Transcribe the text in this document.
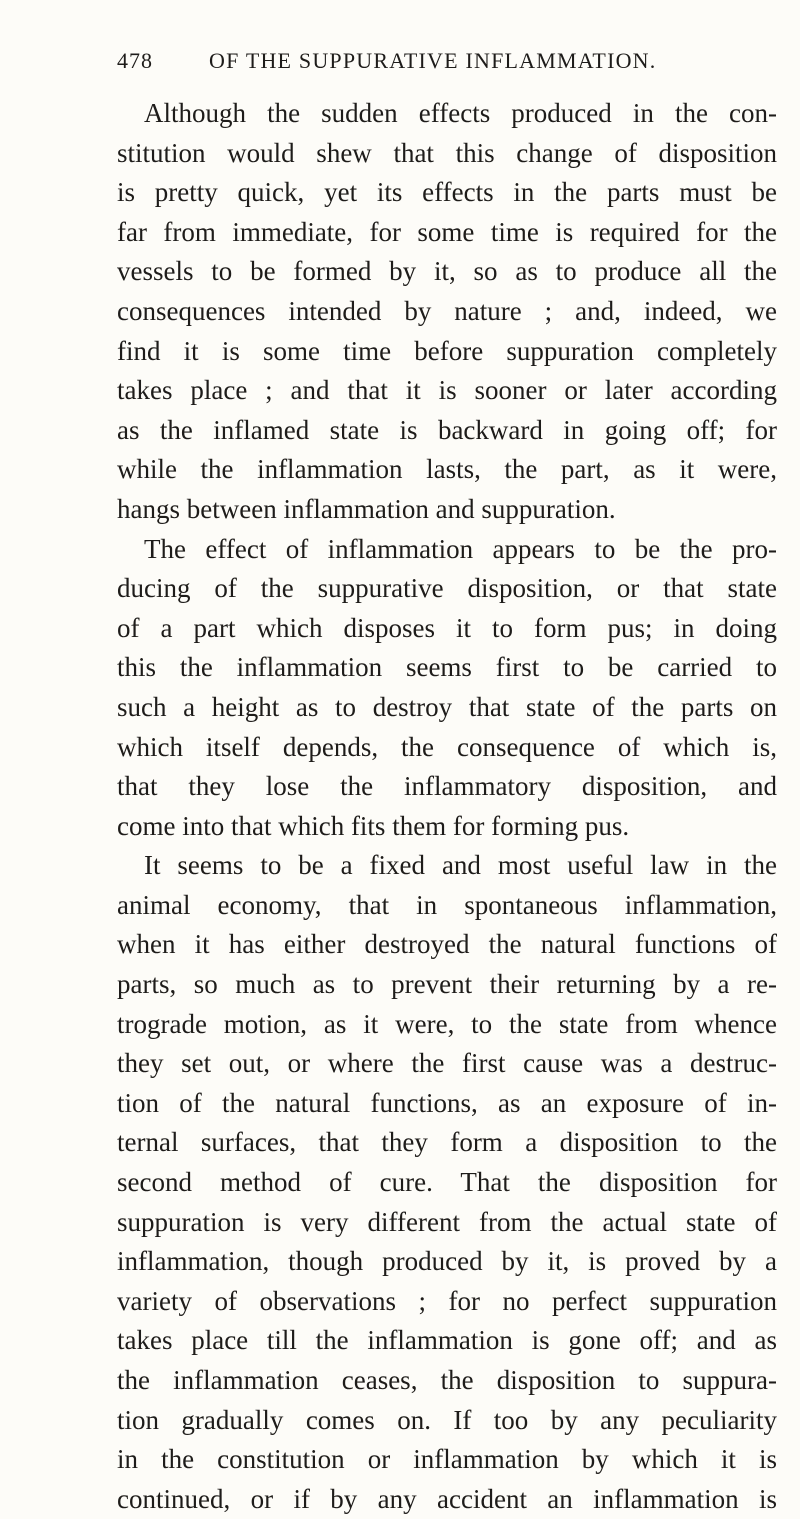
478	OF THE SUPPURATIVE INFLAMMATION.
Although the sudden effects produced in the con-
stitution would shew that this change of disposition
is pretty quick, yet its effects in the parts must be
far from immediate, for some time is required for the
vessels to be formed by it, so as to produce all the
consequences intended by nature ; and, indeed, we
find it is some time before suppuration completely
takes place ; and that it is sooner or later according
as the inflamed state is backward in going off; for
while the inflammation lasts, the part, as it were,
hangs between inflammation and suppuration.
The effect of inflammation appears to be the pro-
ducing of the suppurative disposition, or that state
of a part which disposes it to form pus; in doing
this the inflammation seems first to be carried to
such a height as to destroy that state of the parts on
which itself depends, the consequence of which is,
that they lose the inflammatory disposition, and
come into that which fits them for forming pus.
It seems to be a fixed and most useful law in the
animal economy, that in spontaneous inflammation,
when it has either destroyed the natural functions of
parts, so much as to prevent their returning by a re-
trograde motion, as it were, to the state from whence
they set out, or where the first cause was a destruc-
tion of the natural functions, as an exposure of in-
ternal surfaces, that they form a disposition to the
second method of cure. That the disposition for
suppuration is very different from the actual state of
inflammation, though produced by it, is proved by a
variety of observations ; for no perfect suppuration
takes place till the inflammation is gone off; and as
the inflammation ceases, the disposition to suppura-
tion gradually comes on. If too by any peculiarity
in the constitution or inflammation by which it is
continued, or if by any accident an inflammation is
